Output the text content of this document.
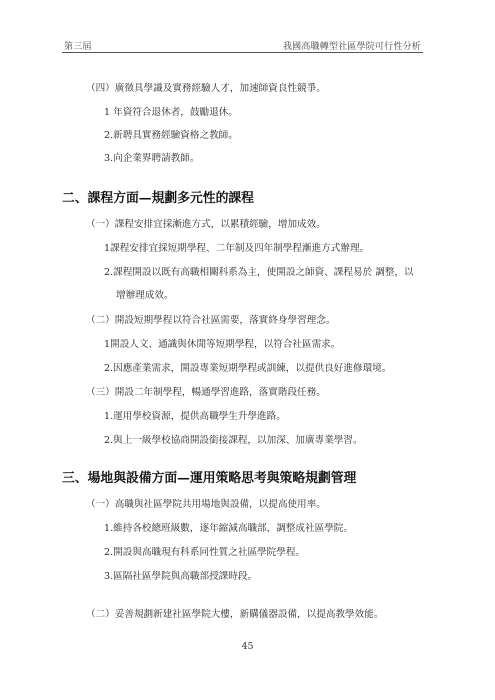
第三屆	我國高職轉型社區學院可行性分析
（四）廣徵具學識及實務經驗人才，加速師資良性競爭。
1 年資符合退休者，鼓勵退休。
2.新聘具實務經驗資格之教師。
3.向企業界聘請教師。
二、課程方面—規劃多元性的課程
（一）課程安排宜採漸進方式，以累積經驗，增加成效。
1課程安排宜採短期學程、二年制及四年制學程漸進方式辦理。
2.課程開設以既有高職相關科系為主，使開設之師資、課程易於 調整，以
增辦理成效。
（二）開設短期學程以符合社區需要，落實終身學習理念。
1開設人文、通識與休閒等短期學程，以符合社區需求。
2.因應產業需求，開設專業短期學程或訓練，以提供良好進修環境。
（三）開設二年制學程，暢通學習進路，落實階段任務。
1.運用學校資源，提供高職學生升學進路。
2.與上一級學校協商開設銜接課程，以加深、加廣專業學習。
三、場地與設備方面—運用策略思考與策略規劃管理
（一）高職與社區學院共用場地與設備，以提高使用率。
1.維持各校總班級數，逐年縮減高職部，調整成社區學院。
2.開設與高職現有科系同性質之社區學院學程。
3.區隔社區學院與高職部授課時段。
（二）妥善規劃新建社區學院大樓，新購儀器設備，以提高教學效能。
45
